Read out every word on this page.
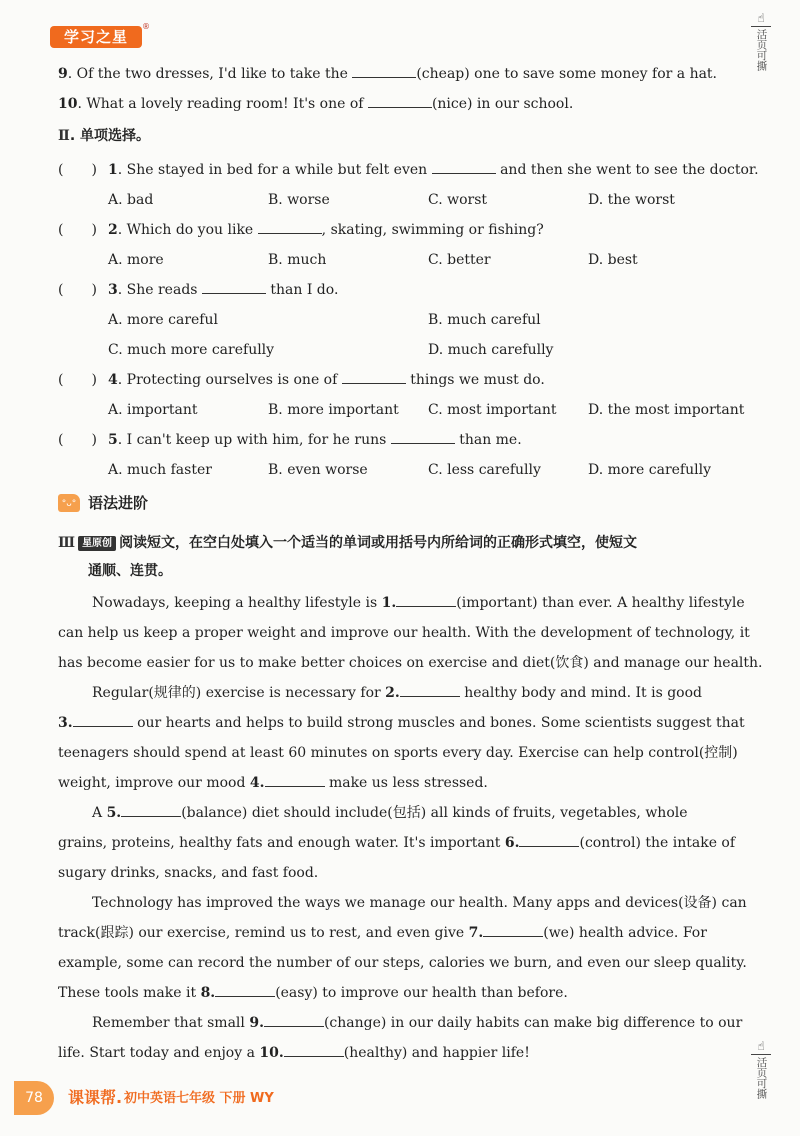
学习之星
®
☝
活页可撕
☝
活页可撕
9. Of the two dresses, I'd like to take the	(cheap) one to save some money for a hat.
10. What a lovely reading room! It's one of	(nice) in our school.
Ⅱ. 单项选择。
(　　) 1. She stayed in bed for a while but felt even	and then she went to see the doctor.
A. bad	B. worse	C. worst	D. the worst
(　　) 2. Which do you like	, skating, swimming or fishing?
A. more	B. much	C. better	D. best
(　　) 3. She reads	than I do.
A. more careful	B. much careful
C. much more carefully	D. much carefully
(　　) 4. Protecting ourselves is one of	things we must do.
A. important	B. more important C. most important D. the most important
(　　) 5. I can't keep up with him, for he runs	than me.
A. much faster	B. even worse	C. less carefully	D. more carefully
°ᴗ° 语法进阶
Ⅲ 星原创 阅读短文，在空白处填入一个适当的单词或用括号内所给词的正确形式填空，使短文
通顺、连贯。
Nowadays, keeping a healthy lifestyle is 1.	(important) than ever. A healthy lifestyle
can help us keep a proper weight and improve our health. With the development of technology, it
has become easier for us to make better choices on exercise and diet(饮食) and manage our health.
Regular(规律的) exercise is necessary for 2.	healthy body and mind. It is good
3.	our hearts and helps to build strong muscles and bones. Some scientists suggest that
teenagers should spend at least 60 minutes on sports every day. Exercise can help control(控制)
weight, improve our mood 4.	make us less stressed.
A 5.	(balance) diet should include(包括) all kinds of fruits, vegetables, whole
grains, proteins, healthy fats and enough water. It's important 6.	(control) the intake of
sugary drinks, snacks, and fast food.
Technology has improved the ways we manage our health. Many apps and devices(设备) can
track(跟踪) our exercise, remind us to rest, and even give 7.	(we) health advice. For
example, some can record the number of our steps, calories we burn, and even our sleep quality.
These tools make it 8.	(easy) to improve our health than before.
Remember that small 9.	(change) in our daily habits can make big difference to our
life. Start today and enjoy a 10.	(healthy) and happier life!
78	课课帮. 初中英语七年级 下册 WY
